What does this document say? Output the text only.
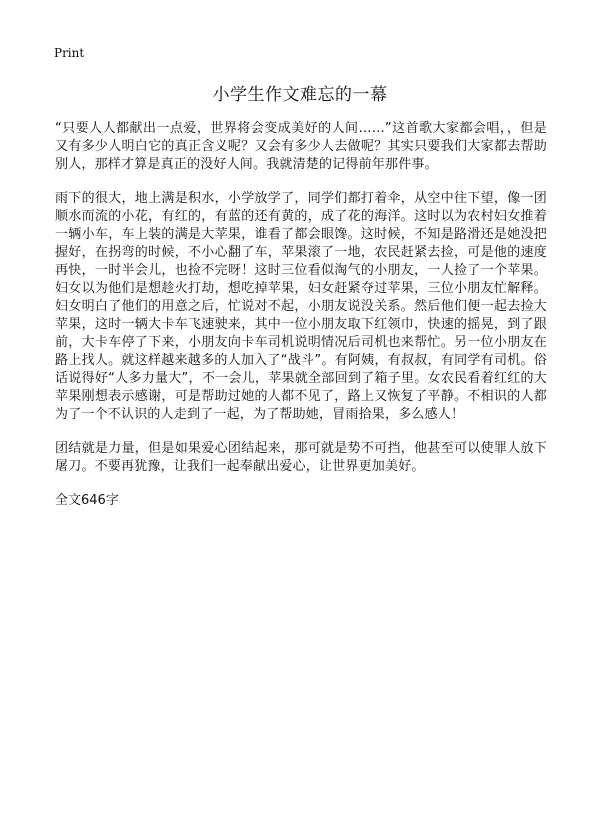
Print
小学生作文难忘的一幕

“只要人人都献出一点爱，世界将会变成美好的人间……”这首歌大家都会唱，，但是又有多少人明白它的真正含义呢？又会有多少人去做呢？其实只要我们大家都去帮助别人，那样才算是真正的没好人间。我就清楚的记得前年那件事。

雨下的很大，地上满是积水，小学放学了，同学们都打着伞，从空中往下望，像一团顺水而流的小花，有红的，有蓝的还有黄的，成了花的海洋。这时以为农村妇女推着一辆小车，车上装的满是大苹果，谁看了都会眼馋。这时候，不知是路滑还是她没把握好，在拐弯的时候，不小心翻了车，苹果滚了一地，农民赶紧去捡，可是他的速度再快，一时半会儿，也捡不完呀！这时三位看似淘气的小朋友，一人捡了一个苹果。妇女以为他们是想趁火打劫，想吃掉苹果，妇女赶紧夺过苹果，三位小朋友忙解释。妇女明白了他们的用意之后，忙说对不起，小朋友说没关系。然后他们便一起去捡大苹果，这时一辆大卡车飞速驶来，其中一位小朋友取下红领巾，快速的摇晃，到了跟前，大卡车停了下来，小朋友向卡车司机说明情况后司机也来帮忙。另一位小朋友在路上找人。就这样越来越多的人加入了“战斗”。有阿姨，有叔叔，有同学有司机。俗话说得好“人多力量大”，不一会儿，苹果就全部回到了箱子里。女农民看着红红的大苹果刚想表示感谢，可是帮助过她的人都不见了，路上又恢复了平静。不相识的人都为了一个不认识的人走到了一起，为了帮助她，冒雨拾果，多么感人！

团结就是力量，但是如果爱心团结起来，那可就是势不可挡，他甚至可以使罪人放下屠刀。不要再犹豫，让我们一起奉献出爱心，让世界更加美好。

全文646字
